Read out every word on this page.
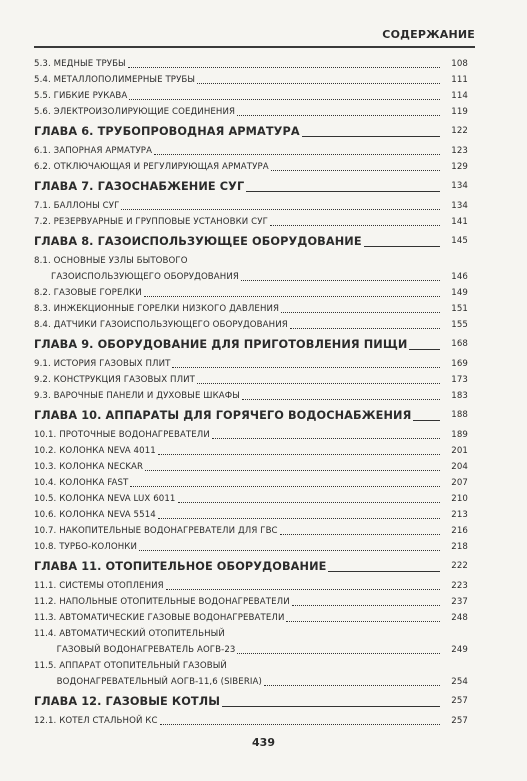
СОДЕРЖАНИЕ
5.3. МЕДНЫЕ ТРУБЫ	108
5.4. МЕТАЛЛОПОЛИМЕРНЫЕ ТРУБЫ	111
5.5. ГИБКИЕ РУКАВА	114
5.6. ЭЛЕКТРОИЗОЛИРУЮЩИЕ СОЕДИНЕНИЯ	119
ГЛАВА 6. ТРУБОПРОВОДНАЯ АРМАТУРА	122
6.1. ЗАПОРНАЯ АРМАТУРА	123
6.2. ОТКЛЮЧАЮЩАЯ И РЕГУЛИРУЮЩАЯ АРМАТУРА	129
ГЛАВА 7. ГАЗОСНАБЖЕНИЕ СУГ	134
7.1. БАЛЛОНЫ СУГ	134
7.2. РЕЗЕРВУАРНЫЕ И ГРУППОВЫЕ УСТАНОВКИ СУГ	141
ГЛАВА 8. ГАЗОИСПОЛЬЗУЮЩЕЕ ОБОРУДОВАНИЕ	145
8.1. ОСНОВНЫЕ УЗЛЫ БЫТОВОГО
ГАЗОИСПОЛЬЗУЮЩЕГО ОБОРУДОВАНИЯ	146
8.2. ГАЗОВЫЕ ГОРЕЛКИ	149
8.3. ИНЖЕКЦИОННЫЕ ГОРЕЛКИ НИЗКОГО ДАВЛЕНИЯ	151
8.4. ДАТЧИКИ ГАЗОИСПОЛЬЗУЮЩЕГО ОБОРУДОВАНИЯ	155
ГЛАВА 9. ОБОРУДОВАНИЕ ДЛЯ ПРИГОТОВЛЕНИЯ ПИЩИ	168
9.1. ИСТОРИЯ ГАЗОВЫХ ПЛИТ	169
9.2. КОНСТРУКЦИЯ ГАЗОВЫХ ПЛИТ	173
9.3. ВАРОЧНЫЕ ПАНЕЛИ И ДУХОВЫЕ ШКАФЫ	183
ГЛАВА 10. АППАРАТЫ ДЛЯ ГОРЯЧЕГО ВОДОСНАБЖЕНИЯ	188
10.1. ПРОТОЧНЫЕ ВОДОНАГРЕВАТЕЛИ	189
10.2. КОЛОНКА NEVA 4011	201
10.3. КОЛОНКА NECKAR	204
10.4. КОЛОНКА FAST	207
10.5. КОЛОНКА NEVA LUX 6011	210
10.6. КОЛОНКА NEVA 5514	213
10.7. НАКОПИТЕЛЬНЫЕ ВОДОНАГРЕВАТЕЛИ ДЛЯ ГВС	216
10.8. ТУРБО-КОЛОНКИ	218
ГЛАВА 11. ОТОПИТЕЛЬНОЕ ОБОРУДОВАНИЕ	222
11.1. СИСТЕМЫ ОТОПЛЕНИЯ	223
11.2. НАПОЛЬНЫЕ ОТОПИТЕЛЬНЫЕ ВОДОНАГРЕВАТЕЛИ	237
11.3. АВТОМАТИЧЕСКИЕ ГАЗОВЫЕ ВОДОНАГРЕВАТЕЛИ	248
11.4. АВТОМАТИЧЕСКИЙ ОТОПИТЕЛЬНЫЙ
ГАЗОВЫЙ ВОДОНАГРЕВАТЕЛЬ АОГВ-23	249
11.5. АППАРАТ ОТОПИТЕЛЬНЫЙ ГАЗОВЫЙ
ВОДОНАГРЕВАТЕЛЬНЫЙ АОГВ-11,6 (SIBERIA)	254
ГЛАВА 12. ГАЗОВЫЕ КОТЛЫ	257
12.1. КОТЕЛ СТАЛЬНОЙ КС	257
439
